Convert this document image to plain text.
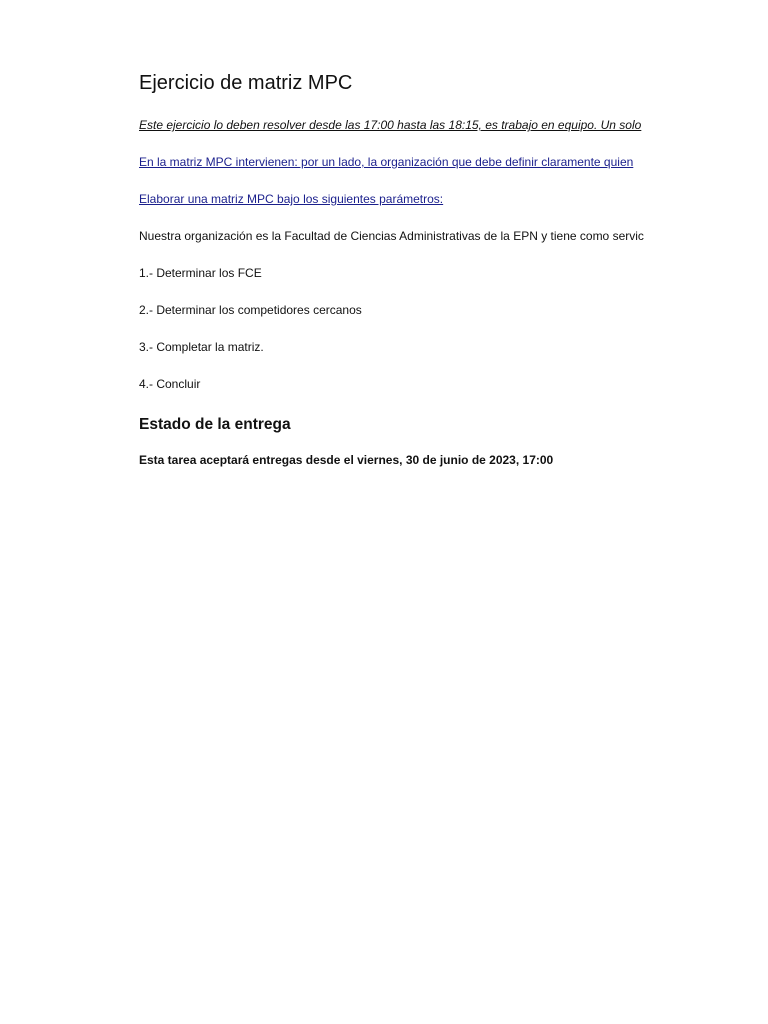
Ejercicio de matriz MPC
Este ejercicio lo deben resolver desde las 17:00 hasta las 18:15, es trabajo en equipo. Un solo
En la matriz MPC intervienen: por un lado, la organización que debe definir claramente quien
Elaborar una matriz MPC bajo los siguientes parámetros:
Nuestra organización es la Facultad de Ciencias Administrativas de la EPN y tiene como servic
1.- Determinar los FCE
2.- Determinar los competidores cercanos
3.- Completar la matriz.
4.- Concluir
Estado de la entrega
Esta tarea aceptará entregas desde el viernes, 30 de junio de 2023, 17:00
